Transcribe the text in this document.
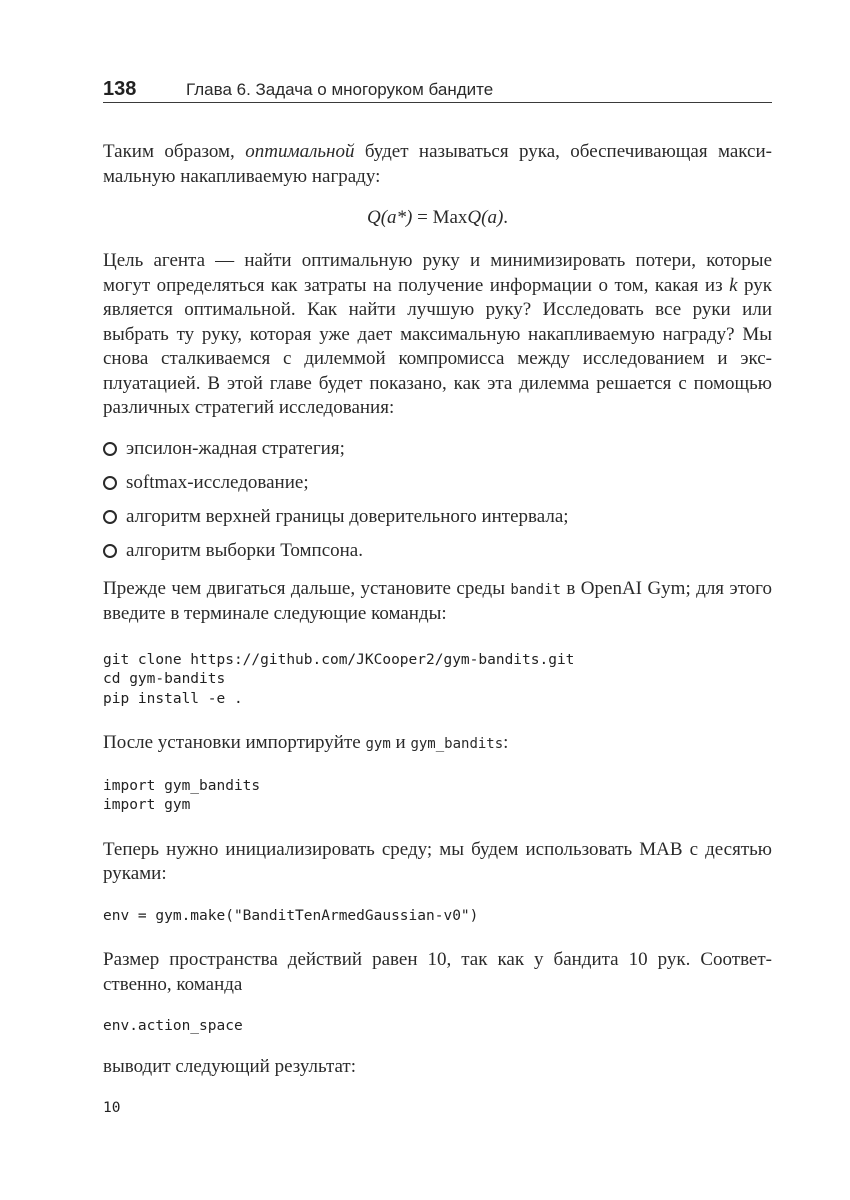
138	Глава 6. Задача о многоруком бандите

Таким образом, оптимальной будет называться рука, обеспечивающая максимальную накапливаемую награду:

Q(a*) = MaxQ(a).

Цель агента — найти оптимальную руку и минимизировать потери, которые могут определяться как затраты на получение информации о том, какая из k рук является оптимальной. Как найти лучшую руку? Исследовать все руки или выбрать ту руку, которая уже дает максимальную накапливаемую награду? Мы снова сталкиваемся с дилеммой компромисса между исследованием и эксплуатацией. В этой главе будет показано, как эта дилемма решается с помощью различных стратегий исследования:

эпсилон-жадная стратегия;
softmax-исследование;
алгоритм верхней границы доверительного интервала;
алгоритм выборки Томпсона.

Прежде чем двигаться дальше, установите среды bandit в OpenAI Gym; для этого введите в терминале следующие команды:

git clone https://github.com/JKCooper2/gym-bandits.git
cd gym-bandits
pip install -e .

После установки импортируйте gym и gym_bandits:

import gym_bandits
import gym

Теперь нужно инициализировать среду; мы будем использовать MAB с десятью руками:

env = gym.make("BanditTenArmedGaussian-v0")

Размер пространства действий равен 10, так как у бандита 10 рук. Соответственно, команда

env.action_space

выводит следующий результат:

10
